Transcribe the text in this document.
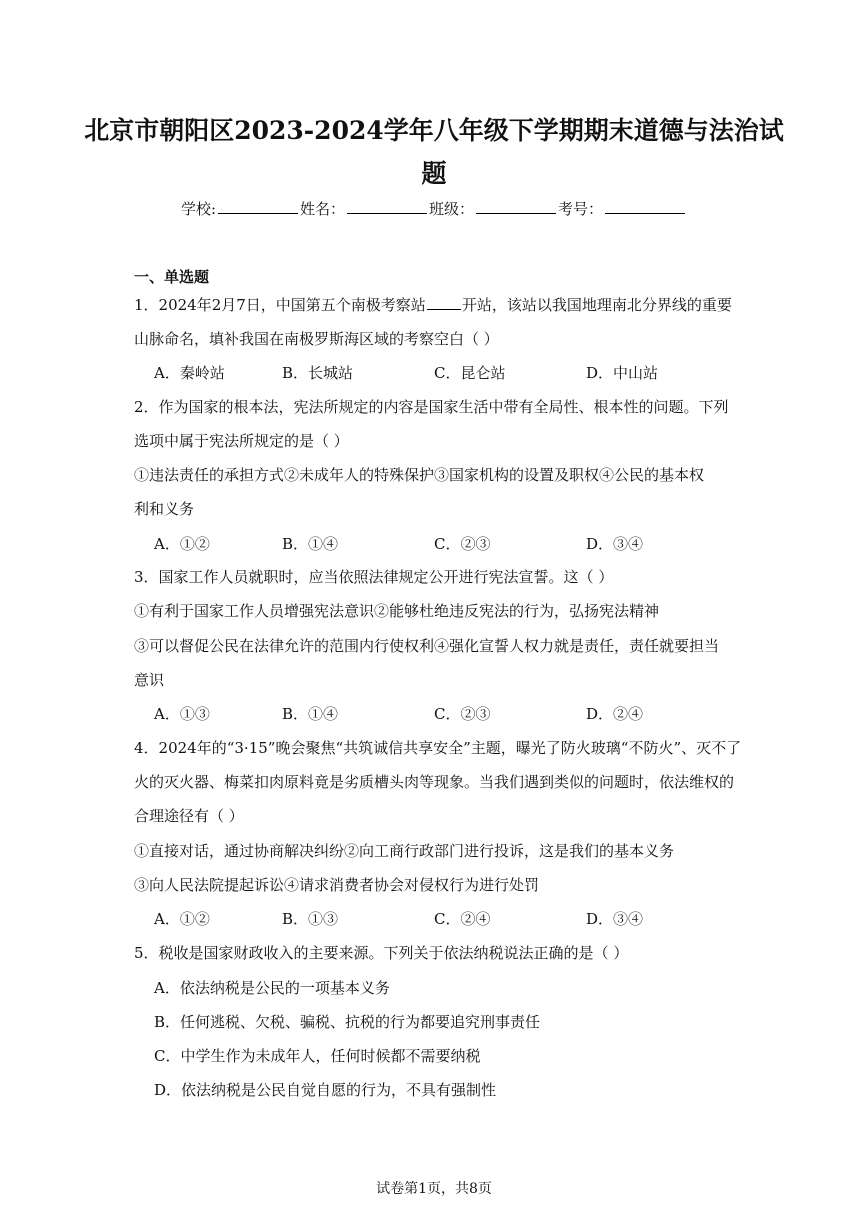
北京市朝阳区2023-2024学年八年级下学期期末道德与法治试
题
学校:	姓名：	班级：	考号：
一、单选题
1．2024年2月7日，中国第五个南极考察站 开站，该站以我国地理南北分界线的重要
山脉命名，填补我国在南极罗斯海区域的考察空白（ ）
A．秦岭站	B．长城站	C．昆仑站	D．中山站
2．作为国家的根本法，宪法所规定的内容是国家生活中带有全局性、根本性的问题。下列
选项中属于宪法所规定的是（ ）
①违法责任的承担方式②未成年人的特殊保护③国家机构的设置及职权④公民的基本权
利和义务
A．①②	B．①④	C．②③	D．③④
3．国家工作人员就职时，应当依照法律规定公开进行宪法宣誓。这（ ）
①有利于国家工作人员增强宪法意识②能够杜绝违反宪法的行为，弘扬宪法精神
③可以督促公民在法律允许的范围内行使权利④强化宣誓人权力就是责任，责任就要担当
意识
A．①③	B．①④	C．②③	D．②④
4．2024年的“3·15”晚会聚焦“共筑诚信共享安全”主题，曝光了防火玻璃“不防火”、灭不了
火的灭火器、梅菜扣肉原料竟是劣质槽头肉等现象。当我们遇到类似的问题时，依法维权的
合理途径有（ ）
①直接对话，通过协商解决纠纷②向工商行政部门进行投诉，这是我们的基本义务
③向人民法院提起诉讼④请求消费者协会对侵权行为进行处罚
A．①②	B．①③	C．②④	D．③④
5．税收是国家财政收入的主要来源。下列关于依法纳税说法正确的是（ ）
A．依法纳税是公民的一项基本义务
B．任何逃税、欠税、骗税、抗税的行为都要追究刑事责任
C．中学生作为未成年人，任何时候都不需要纳税
D．依法纳税是公民自觉自愿的行为，不具有强制性
试卷第1页，共8页
